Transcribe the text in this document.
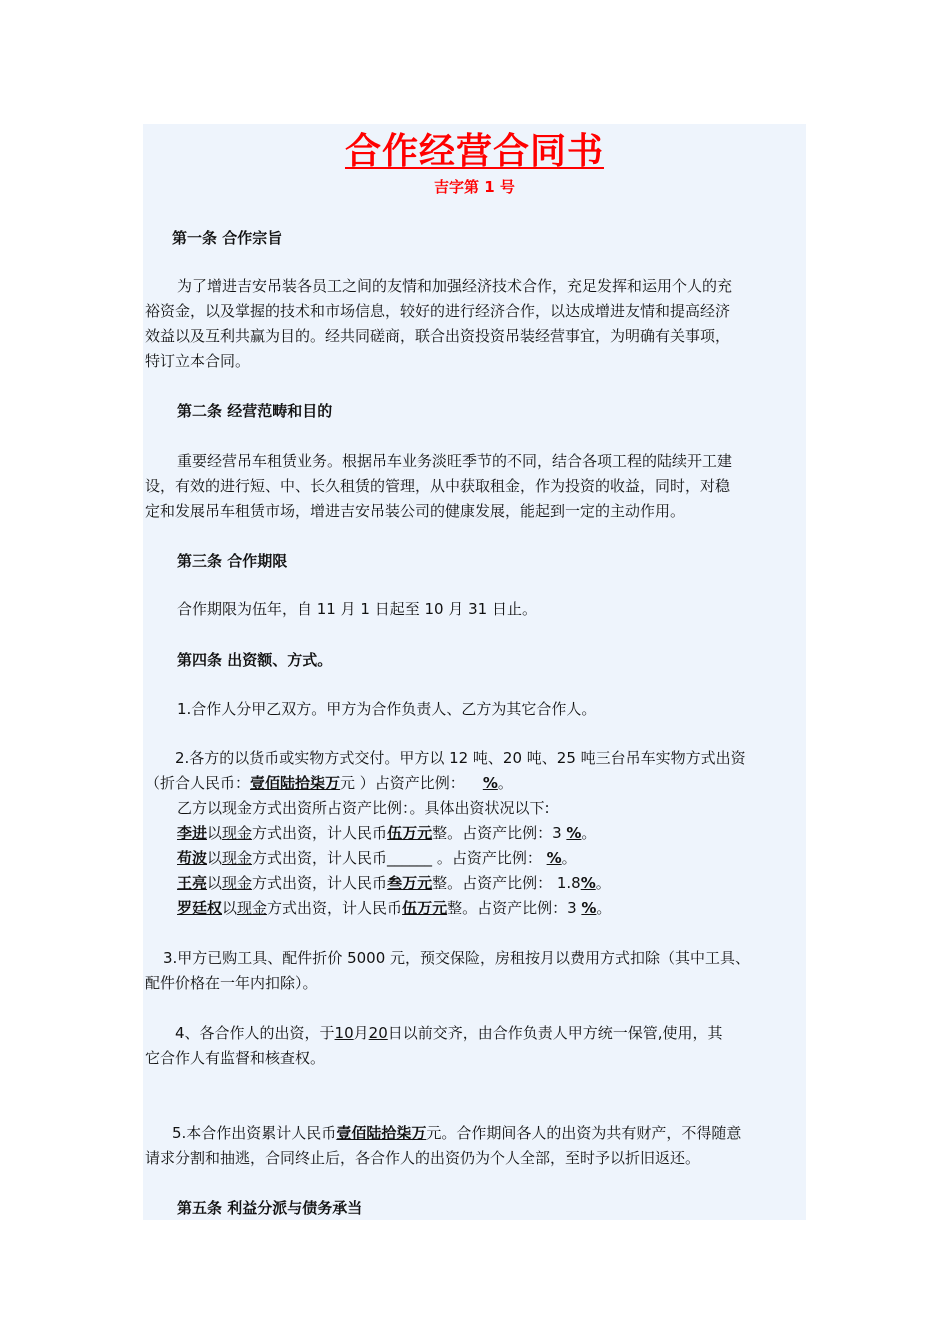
合作经营合同书
吉字第 1 号
第一条 合作宗旨
为了增进吉安吊装各员工之间的友情和加强经济技术合作，充足发挥和运用个人的充
裕资金，以及掌握的技术和市场信息，较好的进行经济合作，以达成增进友情和提高经济
效益以及互利共赢为目的。经共同磋商，联合出资投资吊装经营事宜，为明确有关事项，
特订立本合同。
第二条 经营范畴和目的
重要经营吊车租赁业务。根据吊车业务淡旺季节的不同，结合各项工程的陆续开工建
设，有效的进行短、中、长久租赁的管理，从中获取租金，作为投资的收益，同时，对稳
定和发展吊车租赁市场，增进吉安吊装公司的健康发展，能起到一定的主动作用。
第三条 合作期限
合作期限为伍年，自 11 月 1 日起至 10 月 31 日止。
第四条 出资额、方式。
1.合作人分甲乙双方。甲方为合作负责人、乙方为其它合作人。
2.各方的以货币或实物方式交付。甲方以 12 吨、20 吨、25 吨三台吊车实物方式出资
（折合人民币：壹佰陆拾柒万元 ）占资产比例： %。
乙方以现金方式出资所占资产比例：。具体出资状况以下:
李进以现金方式出资，计人民币伍万元整。占资产比例：3 %。
苟波以现金方式出资，计人民币______ 。占资产比例： %。
王亮以现金方式出资，计人民币叁万元整。占资产比例： 1.8%。
罗廷权以现金方式出资，计人民币伍万元整。占资产比例：3 %。
3.甲方已购工具、配件折价 5000 元，预交保险，房租按月以费用方式扣除（其中工具、
配件价格在一年内扣除）。
4、各合作人的出资，于10月20日以前交齐，由合作负责人甲方统一保管,使用，其
它合作人有监督和核查权。
5.本合作出资累计人民币壹佰陆拾柒万元。合作期间各人的出资为共有财产，不得随意
请求分割和抽逃，合同终止后，各合作人的出资仍为个人全部，至时予以折旧返还。
第五条 利益分派与债务承当
